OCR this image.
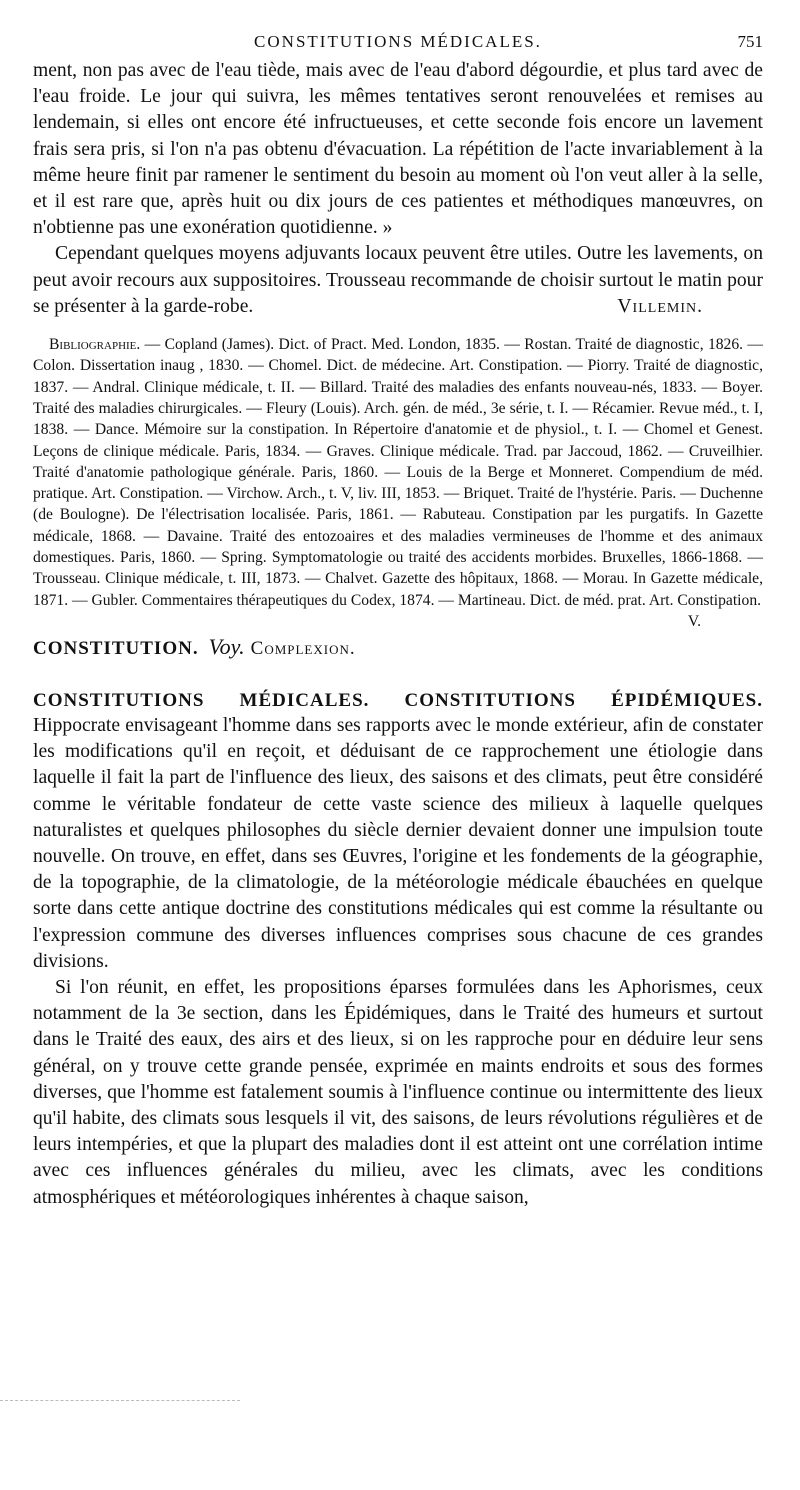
CONSTITUTIONS MÉDICALES.	751

ment, non pas avec de l'eau tiède, mais avec de l'eau d'abord dégourdie, et plus tard avec de l'eau froide. Le jour qui suivra, les mêmes tentatives seront renouvelées et remises au lendemain, si elles ont encore été infructueuses, et cette seconde fois encore un lavement frais sera pris, si l'on n'a pas obtenu d'évacuation. La répétition de l'acte invariablement à la même heure finit par ramener le sentiment du besoin au moment où l'on veut aller à la selle, et il est rare que, après huit ou dix jours de ces patientes et méthodiques manœuvres, on n'obtienne pas une exonération quotidienne. »

Cependant quelques moyens adjuvants locaux peuvent être utiles. Outre les lavements, on peut avoir recours aux suppositoires. Trousseau recommande de choisir surtout le matin pour se présenter à la garde-robe.	Villemin.

Bibliographie. — Copland (James). Dict. of Pract. Med. London, 1835. — Rostan. Traité de diagnostic, 1826. — Colon. Dissertation inaug , 1830. — Chomel. Dict. de médecine. Art. Constipation. — Piorry. Traité de diagnostic, 1837. — Andral. Clinique médicale, t. II. — Billard. Traité des maladies des enfants nouveau-nés, 1833. — Boyer. Traité des maladies chirurgicales. — Fleury (Louis). Arch. gén. de méd., 3e série, t. I. — Récamier. Revue méd., t. I, 1838. — Dance. Mémoire sur la constipation. In Répertoire d'anatomie et de physiol., t. I. — Chomel et Genest. Leçons de clinique médicale. Paris, 1834. — Graves. Clinique médicale. Trad. par Jaccoud, 1862. — Cruveilhier. Traité d'anatomie pathologique générale. Paris, 1860. — Louis de la Berge et Monneret. Compendium de méd. pratique. Art. Constipation. — Virchow. Arch., t. V, liv. III, 1853. — Briquet. Traité de l'hystérie. Paris. — Duchenne (de Boulogne). De l'électrisation localisée. Paris, 1861. — Rabuteau. Constipation par les purgatifs. In Gazette médicale, 1868. — Davaine. Traité des entozoaires et des maladies vermineuses de l'homme et des animaux domestiques. Paris, 1860. — Spring. Symptomatologie ou traité des accidents morbides. Bruxelles, 1866-1868. — Trousseau. Clinique médicale, t. III, 1873. — Chalvet. Gazette des hôpitaux, 1868. — Morau. In Gazette médicale, 1871. — Gubler. Commentaires thérapeutiques du Codex, 1874. — Martineau. Dict. de méd. prat. Art. Constipation.
V.

CONSTITUTION. Voy. Complexion.

CONSTITUTIONS MÉDICALES. CONSTITUTIONS ÉPIDÉMIQUES.

Hippocrate envisageant l'homme dans ses rapports avec le monde extérieur, afin de constater les modifications qu'il en reçoit, et déduisant de ce rapprochement une étiologie dans laquelle il fait la part de l'influence des lieux, des saisons et des climats, peut être considéré comme le véritable fondateur de cette vaste science des milieux à laquelle quelques naturalistes et quelques philosophes du siècle dernier devaient donner une impulsion toute nouvelle. On trouve, en effet, dans ses Œuvres, l'origine et les fondements de la géographie, de la topographie, de la climatologie, de la météorologie médicale ébauchées en quelque sorte dans cette antique doctrine des constitutions médicales qui est comme la résultante ou l'expression commune des diverses influences comprises sous chacune de ces grandes divisions.

Si l'on réunit, en effet, les propositions éparses formulées dans les Aphorismes, ceux notamment de la 3e section, dans les Épidémiques, dans le Traité des humeurs et surtout dans le Traité des eaux, des airs et des lieux, si on les rapproche pour en déduire leur sens général, on y trouve cette grande pensée, exprimée en maints endroits et sous des formes diverses, que l'homme est fatalement soumis à l'influence continue ou intermittente des lieux qu'il habite, des climats sous lesquels il vit, des saisons, de leurs révolutions régulières et de leurs intempéries, et que la plupart des maladies dont il est atteint ont une corrélation intime avec ces influences générales du milieu, avec les climats, avec les conditions atmosphériques et météorologiques inhérentes à chaque saison,
